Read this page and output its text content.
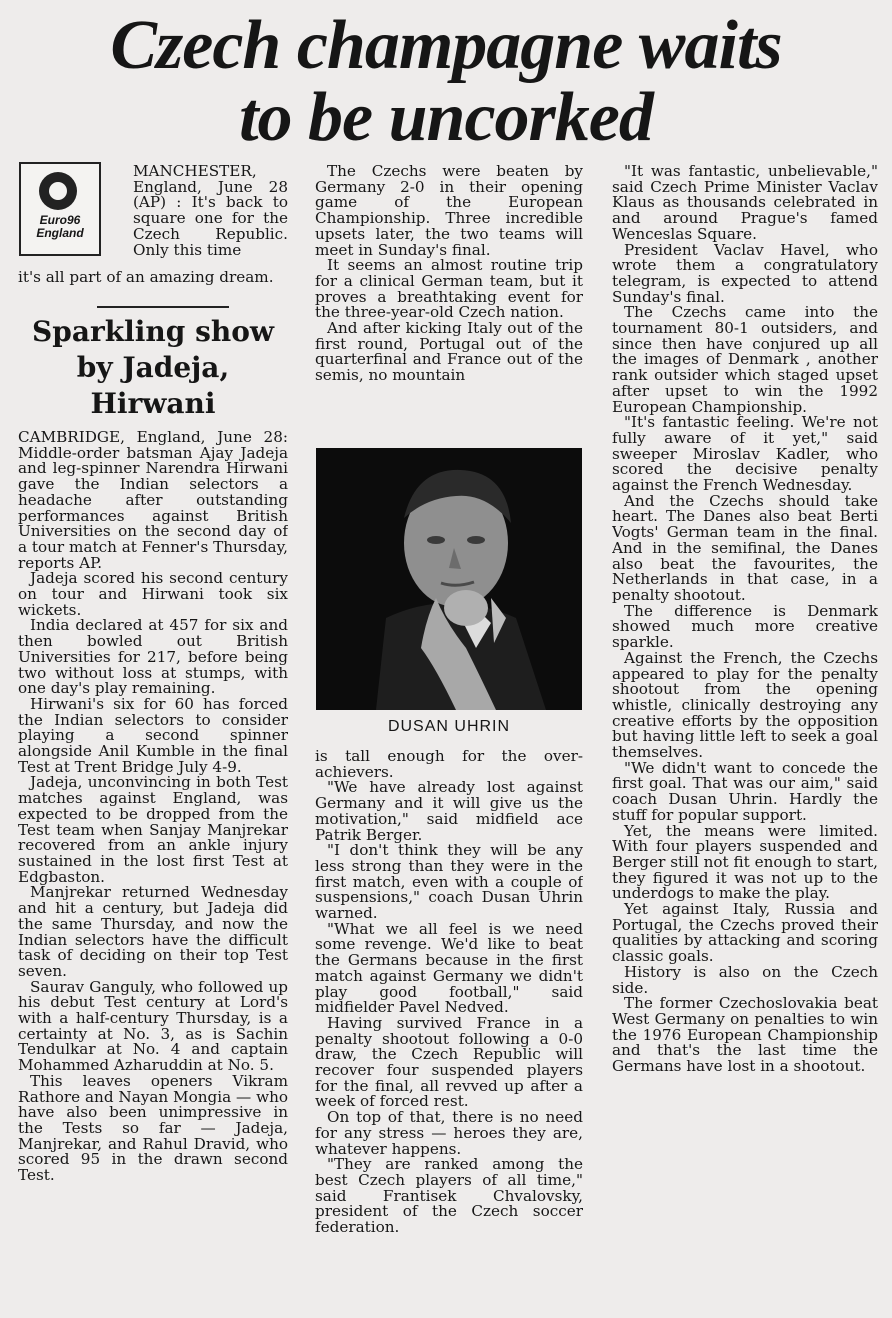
Czech champagne waits
to be uncorked
Euro96
England
MANCHESTER, England, June 28 (AP) : It's back to square one for the Czech Republic. Only this time
it's all part of an amazing dream.
Sparkling show by Jadeja, Hirwani

CAMBRIDGE, England, June 28: Middle-order batsman Ajay Jadeja and leg-spinner Narendra Hirwani gave the Indian selectors a headache after outstanding performances against British Universities on the second day of a tour match at Fenner's Thursday, reports AP.

Jadeja scored his second century on tour and Hirwani took six wickets.

India declared at 457 for six and then bowled out British Universities for 217, before being two without loss at stumps, with one day's play remaining.

Hirwani's six for 60 has forced the Indian selectors to consider playing a second spinner alongside Anil Kumble in the final Test at Trent Bridge July 4-9.

Jadeja, unconvincing in both Test matches against England, was expected to be dropped from the Test team when Sanjay Manjrekar recovered from an ankle injury sustained in the lost first Test at Edgbaston.

Manjrekar returned Wednesday and hit a century, but Jadeja did the same Thursday, and now the Indian selectors have the difficult task of deciding on their top Test seven.

Saurav Ganguly, who followed up his debut Test century at Lord's with a half-century Thursday, is a certainty at No. 3, as is Sachin Tendulkar at No. 4 and captain Mohammed Azharuddin at No. 5.

This leaves openers Vikram Rathore and Nayan Mongia — who have also been unimpressive in the Tests so far — Jadeja, Manjrekar, and Rahul Dravid, who scored 95 in the drawn second Test.

The Czechs were beaten by Germany 2-0 in their opening game of the European Championship. Three incredible upsets later, the two teams will meet in Sunday's final.

It seems an almost routine trip for a clinical German team, but it proves a breathtaking event for the three-year-old Czech nation.

And after kicking Italy out of the first round, Portugal out of the quarterfinal and France out of the semis, no mountain

DUSAN UHRIN

is tall enough for the over-achievers.

"We have already lost against Germany and it will give us the motivation," said midfield ace Patrik Berger.

"I don't think they will be any less strong than they were in the first match, even with a couple of suspensions," coach Dusan Uhrin warned.

"What we all feel is we need some revenge. We'd like to beat the Germans because in the first match against Germany we didn't play good football," said midfielder Pavel Nedved.

Having survived France in a penalty shootout following a 0-0 draw, the Czech Republic will recover four suspended players for the final, all revved up after a week of forced rest.

On top of that, there is no need for any stress — heroes they are, whatever happens.

"They are ranked among the best Czech players of all time," said Frantisek Chvalovsky, president of the Czech soccer federation.

"It was fantastic, unbelievable," said Czech Prime Minister Vaclav Klaus as thousands celebrated in and around Prague's famed Wenceslas Square.

President Vaclav Havel, who wrote them a congratulatory telegram, is expected to attend Sunday's final.

The Czechs came into the tournament 80-1 outsiders, and since then have conjured up all the images of Denmark , another rank outsider which staged upset after upset to win the 1992 European Championship.

"It's fantastic feeling. We're not fully aware of it yet," said sweeper Miroslav Kadler, who scored the decisive penalty against the French Wednesday.

And the Czechs should take heart. The Danes also beat Berti Vogts' German team in the final. And in the semifinal, the Danes also beat the favourites, the Netherlands in that case, in a penalty shootout.

The difference is Denmark showed much more creative sparkle.

Against the French, the Czechs appeared to play for the penalty shootout from the opening whistle, clinically destroying any creative efforts by the opposition but having little left to seek a goal themselves.

"We didn't want to concede the first goal. That was our aim," said coach Dusan Uhrin. Hardly the stuff for popular support.

Yet, the means were limited. With four players suspended and Berger still not fit enough to start, they figured it was not up to the underdogs to make the play.

Yet against Italy, Russia and Portugal, the Czechs proved their qualities by attacking and scoring classic goals.

History is also on the Czech side.

The former Czechoslovakia beat West Germany on penalties to win the 1976 European Championship and that's the last time the Germans have lost in a shootout.
